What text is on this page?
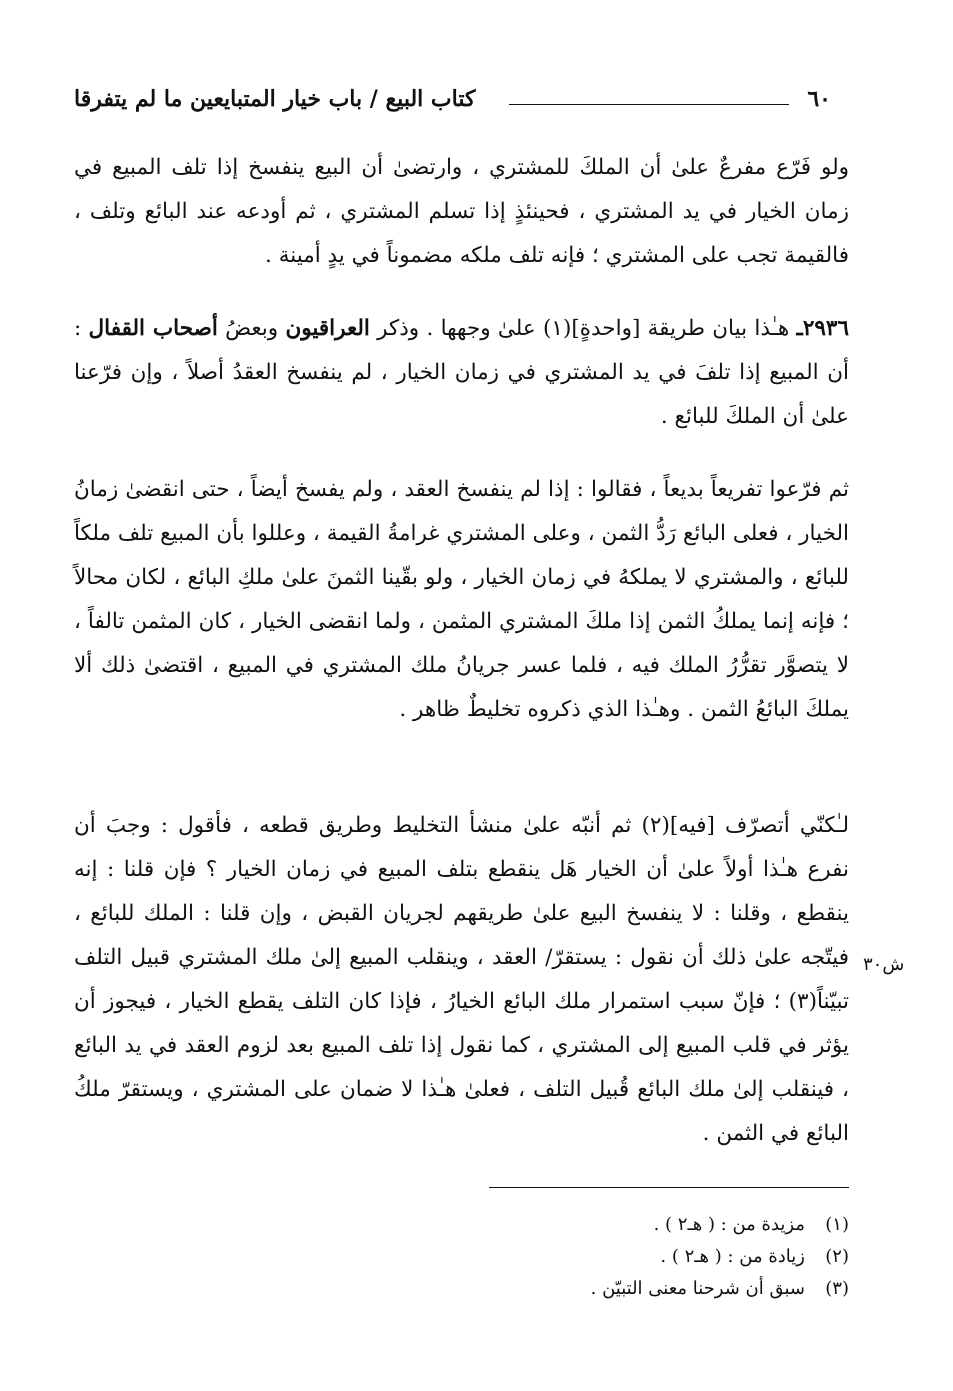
٦٠
كتاب البيع / باب خيار المتبايعين ما لم يتفرقا
ولو فَرّع مفرعٌ علىٰ أن الملكَ للمشتري ، وارتضىٰ أن البيع ينفسخ إذا تلف المبيع في زمان الخيار في يد المشتري ، فحينئذٍ إذا تسلم المشتري ، ثم أودعه عند البائع وتلف ، فالقيمة تجب على المشتري ؛ فإنه تلف ملكه مضموناً في يدٍ أمينة .
٢٩٣٦ـ هـٰذا بيان طريقة [واحدةٍ](١) علىٰ وجهها . وذكر العراقيون وبعضُ أصحاب القفال : أن المبيع إذا تلفَ في يد المشتري في زمان الخيار ، لم ينفسخ العقدُ أصلاً ، وإن فرّعنا علىٰ أن الملكَ للبائع .
ثم فرّعوا تفريعاً بديعاً ، فقالوا : إذا لم ينفسخ العقد ، ولم يفسخ أيضاً ، حتى انقضىٰ زمانُ الخيار ، فعلى البائع رَدُّ الثمن ، وعلى المشتري غرامةُ القيمة ، وعللوا بأن المبيع تلف ملكاً للبائع ، والمشتري لا يملكهُ في زمان الخيار ، ولو بقّينا الثمنَ علىٰ ملكِ البائع ، لكان محالاً ؛ فإنه إنما يملكُ الثمن إذا ملكَ المشتري المثمن ، ولما انقضى الخيار ، كان المثمن تالفاً ، لا يتصوَّر تقرُّرُ الملك فيه ، فلما عسر جريانُ ملك المشتري في المبيع ، اقتضىٰ ذلك ألا يملكَ البائعُ الثمن . وهـٰذا الذي ذكروه تخليطٌ ظاهر .
لـٰكنّي أتصرّف [فيه](٢) ثم أنبّه علىٰ منشأ التخليط وطريق قطعه ، فأقول : وجبَ أن نفرع هـٰذا أولاً علىٰ أن الخيار هَل ينقطع بتلف المبيع في زمان الخيار ؟ فإن قلنا : إنه ينقطع ، وقلنا : لا ينفسخ البيع علىٰ طريقهم لجريان القبض ، وإن قلنا : الملك للبائع ، فيتّجه علىٰ ذلك أن نقول : يستقرّ/ العقد ، وينقلب المبيع إلىٰ ملك المشتري قبيل التلف تبيّناً(٣) ؛ فإنّ سبب استمرار ملك البائع الخيارُ ، فإذا كان التلف يقطع الخيار ، فيجوز أن يؤثر في قلب المبيع إلى المشتري ، كما نقول إذا تلف المبيع بعد لزوم العقد في يد البائع ، فينقلب إلىٰ ملك البائع قُبيل التلف ، فعلىٰ هـٰذا لا ضمان على المشتري ، ويستقرّ ملكُ البائع في الثمن .
(١)مزيدة من : ( هـ٢ ) .
(٢)زيادة من : ( هـ٢ ) .
(٣)سبق أن شرحنا معنى التبيّن .
ش٣٠
